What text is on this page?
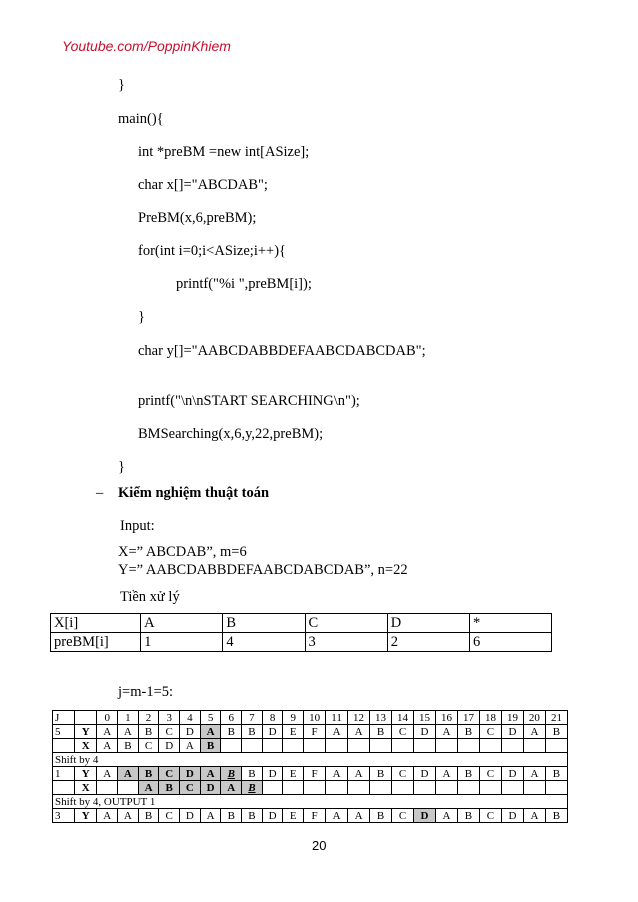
Youtube.com/PoppinKhiem
}
main(){
int *preBM =new int[ASize];
char x[]="ABCDAB";
PreBM(x,6,preBM);
for(int i=0;i<ASize;i++){
printf("%i ",preBM[i]);
}
char y[]="AABCDABBDEFAABCDABCDAB";
printf("\n\nSTART SEARCHING\n");
BMSearching(x,6,y,22,preBM);
}
– Kiểm nghiệm thuật toán
Input:
X=” ABCDAB”, m=6
Y=” AABCDABBDEFAABCDABCDAB”, n=22
Tiền xử lý
X[i]	A	B	C	D	*
preBM[i]	1	4	3	2	6
j=m-1=5:
J		0	1	2	3	4	5	6	7	8	9	10	11	12	13	14	15	16	17	18	19	20	21
5	Y	A	A	B	C	D	A	B	B	D	E	F	A	A	B	C	D	A	B	C	D	A	B
	X	A	B	C	D	A	B																
Shift by 4																							
1	Y	A	A	B	C	D	A	B	B	D	E	F	A	A	B	C	D	A	B	C	D	A	B
	X			A	B	C	D	A	B														
Shift by 4, OUTPUT 1																							
3	Y	A	A	B	C	D	A	B	B	D	E	F	A	A	B	C	D	A	B	C	D	A	B
20
